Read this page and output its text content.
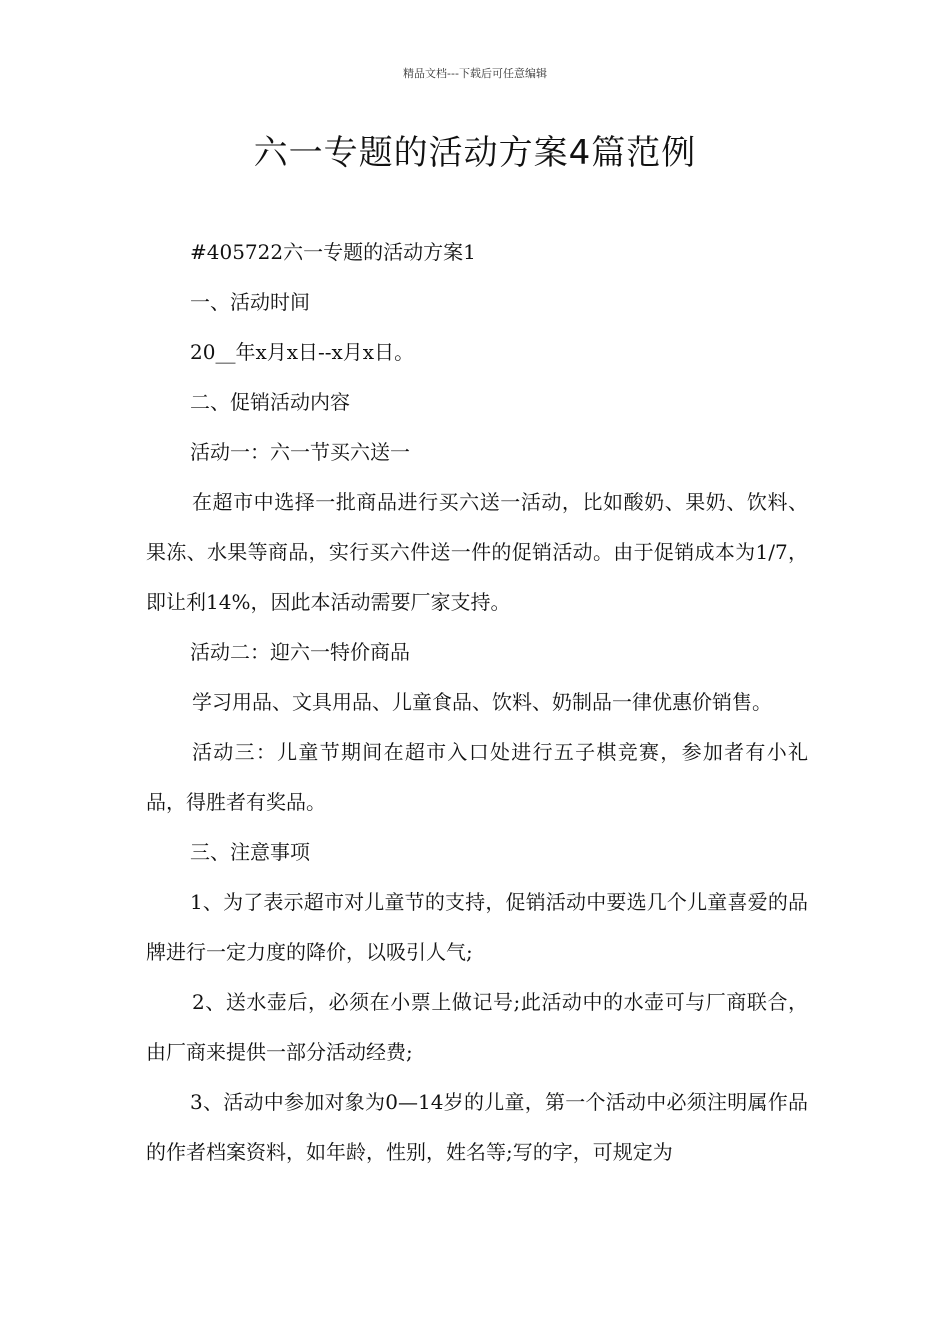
精品文档---下载后可任意编辑
六一专题的活动方案4篇范例

#405722六一专题的活动方案1

一、活动时间

20__年x月x日--x月x日。

二、促销活动内容

活动一：六一节买六送一

在超市中选择一批商品进行买六送一活动，比如酸奶、果奶、饮料、果冻、水果等商品，实行买六件送一件的促销活动。由于促销成本为1/7，即让利14%，因此本活动需要厂家支持。

活动二：迎六一特价商品

学习用品、文具用品、儿童食品、饮料、奶制品一律优惠价销售。

活动三：儿童节期间在超市入口处进行五子棋竞赛，参加者有小礼品，得胜者有奖品。

三、注意事项

1、为了表示超市对儿童节的支持，促销活动中要选几个儿童喜爱的品牌进行一定力度的降价，以吸引人气;

2、送水壶后，必须在小票上做记号;此活动中的水壶可与厂商联合，由厂商来提供一部分活动经费;

3、活动中参加对象为0—14岁的儿童，第一个活动中必须注明属作品的作者档案资料，如年龄，性别，姓名等;写的字，可规定为
